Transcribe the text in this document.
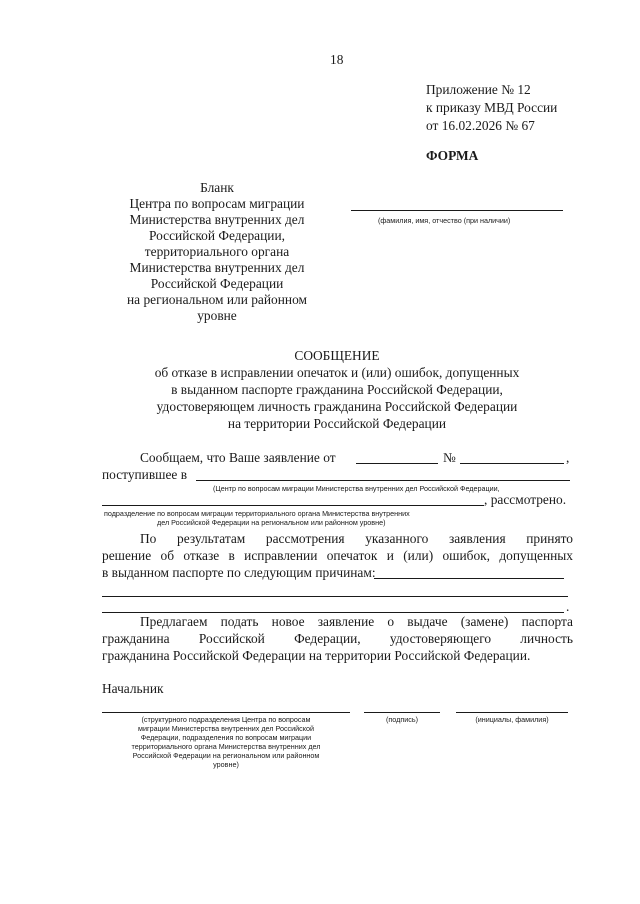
18
Приложение № 12
к приказу МВД России
от 16.02.2026 № 67
ФОРМА
Бланк
Центра по вопросам миграции
Министерства внутренних дел
Российской Федерации,
территориального органа
Министерства внутренних дел
Российской Федерации
на региональном или районном
уровне
(фамилия, имя, отчество (при наличии)
СООБЩЕНИЕ
об отказе в исправлении опечаток и (или) ошибок, допущенных
в выданном паспорте гражданина Российской Федерации,
удостоверяющем личность гражданина Российской Федерации
на территории Российской Федерации
Сообщаем, что Ваше заявление от	№	,
поступившее в
(Центр по вопросам миграции Министерства внутренних дел Российской Федерации,
, рассмотрено.
подразделение по вопросам миграции территориального органа Министерства внутренних
дел Российской Федерации на региональном или районном уровне)
По результатам рассмотрения указанного заявления принято
решение об отказе в исправлении опечаток и (или) ошибок, допущенных
в выданном паспорте по следующим причинам:
.
Предлагаем подать новое заявление о выдаче (замене) паспорта
гражданина Российской Федерации, удостоверяющего личность
гражданина Российской Федерации на территории Российской Федерации.
Начальник
(структурного подразделения Центра по вопросам
миграции Министерства внутренних дел Российской
Федерации, подразделения по вопросам миграции
территориального органа Министерства внутренних дел
Российской Федерации на региональном или районном
уровне)
(подпись)	(инициалы, фамилия)
